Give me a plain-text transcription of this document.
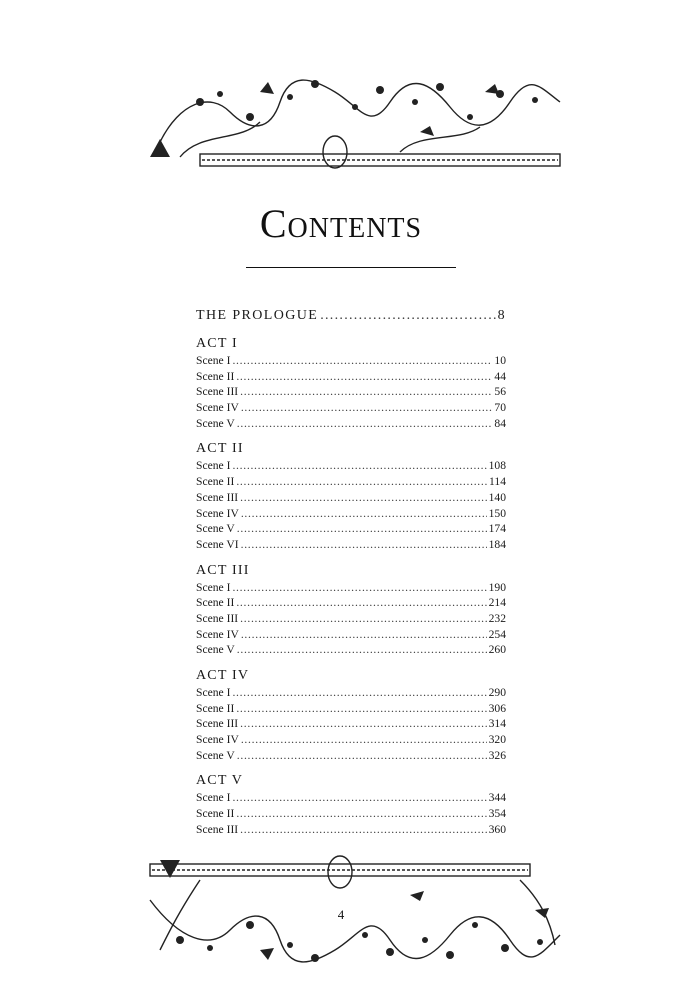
Contents
THE PROLOGUE . . .	8
ACT I
Scene I . . .	10
Scene II . . .	44
Scene III . . .	56
Scene IV . . .	70
Scene V . . .	84
ACT II
Scene I . . .	108
Scene II . . .	114
Scene III . . .	140
Scene IV . . .	150
Scene V . . .	174
Scene VI . . .	184
ACT III
Scene I . . .	190
Scene II . . .	214
Scene III . . .	232
Scene IV . . .	254
Scene V . . .	260
ACT IV
Scene I . . .	290
Scene II . . .	306
Scene III . . .	314
Scene IV . . .	320
Scene V . . .	326
ACT V
Scene I . . .	344
Scene II . . .	354
Scene III . . .	360
4
